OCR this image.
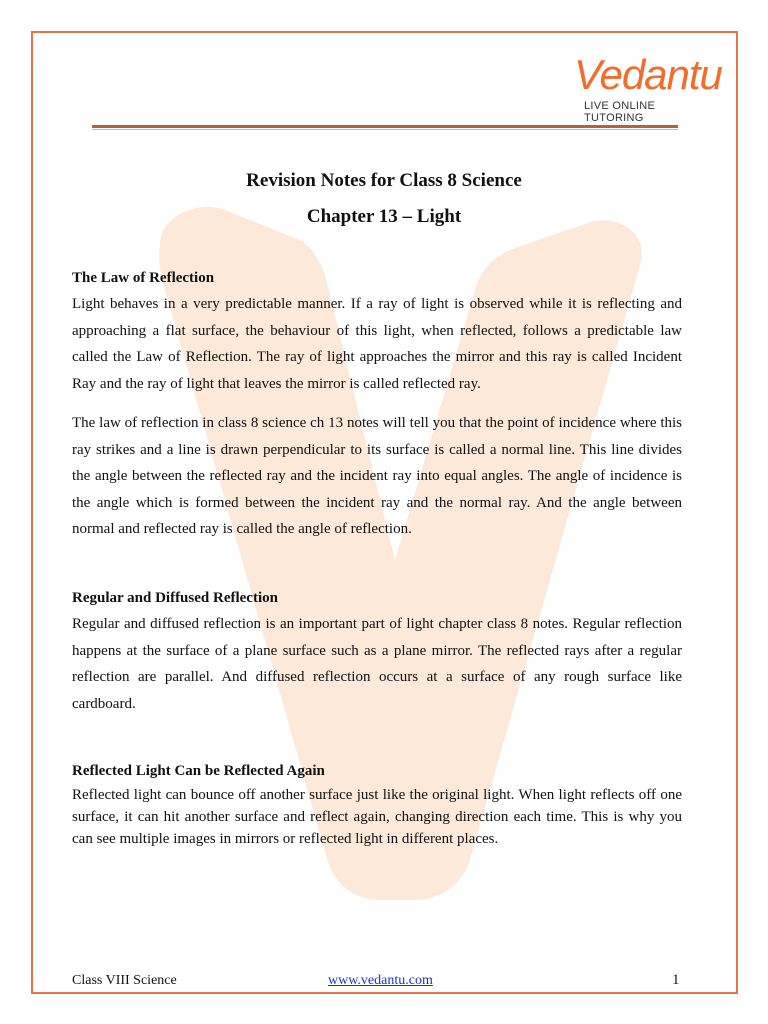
Vedantu
LIVE ONLINE TUTORING
Revision Notes for Class 8 Science
Chapter 13 – Light

The Law of Reflection

Light behaves in a very predictable manner. If a ray of light is observed while it is reflecting and approaching a flat surface, the behaviour of this light, when reflected, follows a predictable law called the Law of Reflection. The ray of light approaches the mirror and this ray is called Incident Ray and the ray of light that leaves the mirror is called reflected ray.

The law of reflection in class 8 science ch 13 notes will tell you that the point of incidence where this ray strikes and a line is drawn perpendicular to its surface is called a normal line. This line divides the angle between the reflected ray and the incident ray into equal angles. The angle of incidence is the angle which is formed between the incident ray and the normal ray. And the angle between normal and reflected ray is called the angle of reflection.

Regular and Diffused Reflection

Regular and diffused reflection is an important part of light chapter class 8 notes. Regular reflection happens at the surface of a plane surface such as a plane mirror. The reflected rays after a regular reflection are parallel. And diffused reflection occurs at a surface of any rough surface like cardboard.

Reflected Light Can be Reflected Again

Reflected light can bounce off another surface just like the original light. When light reflects off one surface, it can hit another surface and reflect again, changing direction each time. This is why you can see multiple images in mirrors or reflected light in different places.

Class VIII Science	www.vedantu.com	1
